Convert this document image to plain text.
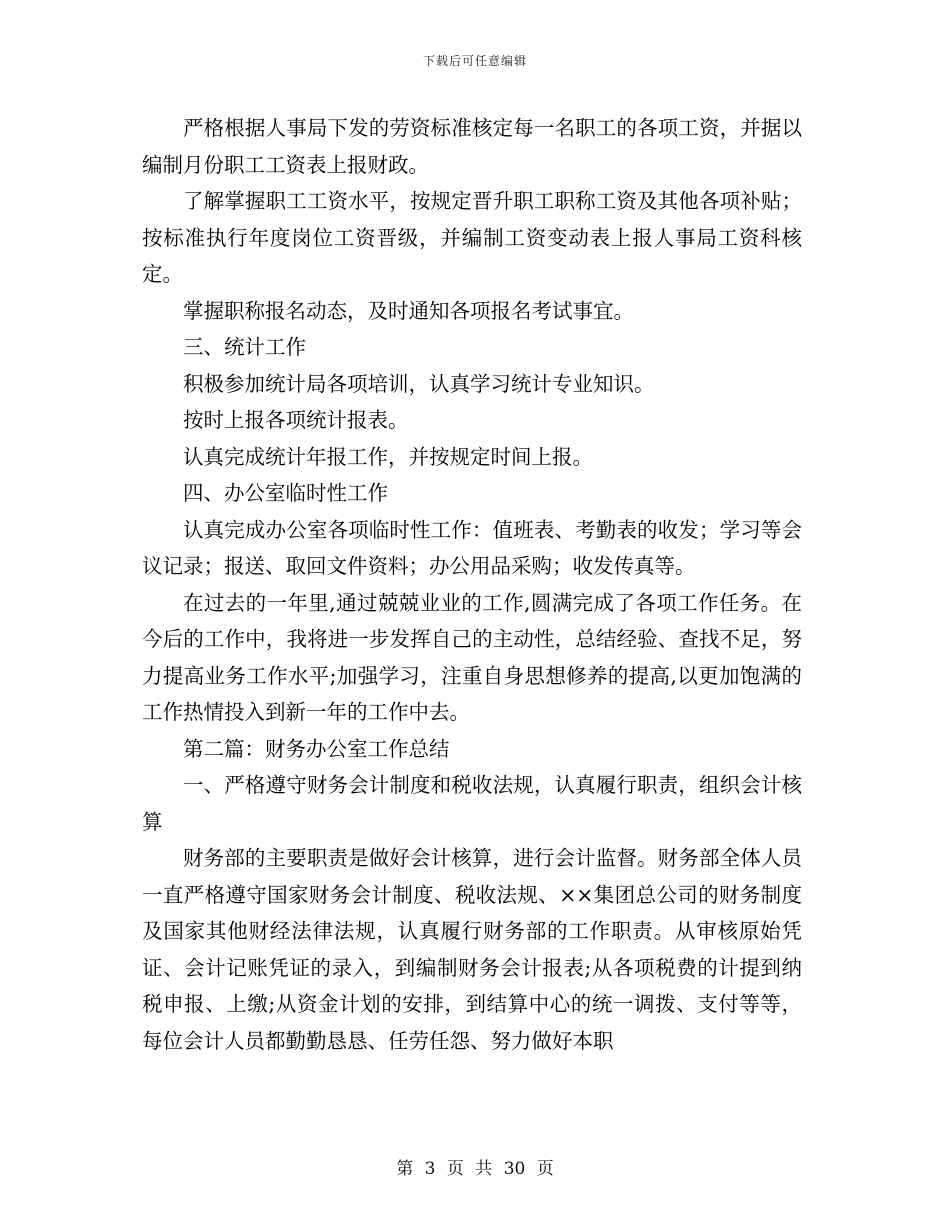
下载后可任意编辑

严格根据人事局下发的劳资标准核定每一名职工的各项工资，并据以编制月份职工工资表上报财政。

了解掌握职工工资水平，按规定晋升职工职称工资及其他各项补贴；按标准执行年度岗位工资晋级，并编制工资变动表上报人事局工资科核定。

掌握职称报名动态，及时通知各项报名考试事宜。

三、统计工作

积极参加统计局各项培训，认真学习统计专业知识。

按时上报各项统计报表。

认真完成统计年报工作，并按规定时间上报。

四、办公室临时性工作

认真完成办公室各项临时性工作：值班表、考勤表的收发；学习等会议记录；报送、取回文件资料；办公用品采购；收发传真等。

在过去的一年里,通过兢兢业业的工作,圆满完成了各项工作任务。在今后的工作中，我将进一步发挥自己的主动性，总结经验、查找不足，努力提高业务工作水平;加强学习，注重自身思想修养的提高,以更加饱满的工作热情投入到新一年的工作中去。

第二篇：财务办公室工作总结

一、严格遵守财务会计制度和税收法规，认真履行职责，组织会计核算

财务部的主要职责是做好会计核算，进行会计监督。财务部全体人员一直严格遵守国家财务会计制度、税收法规、××集团总公司的财务制度及国家其他财经法律法规，认真履行财务部的工作职责。从审核原始凭证、会计记账凭证的录入，到编制财务会计报表;从各项税费的计提到纳税申报、上缴;从资金计划的安排，到结算中心的统一调拨、支付等等，每位会计人员都勤勤恳恳、任劳任怨、努力做好本职

第 3 页 共 30 页
